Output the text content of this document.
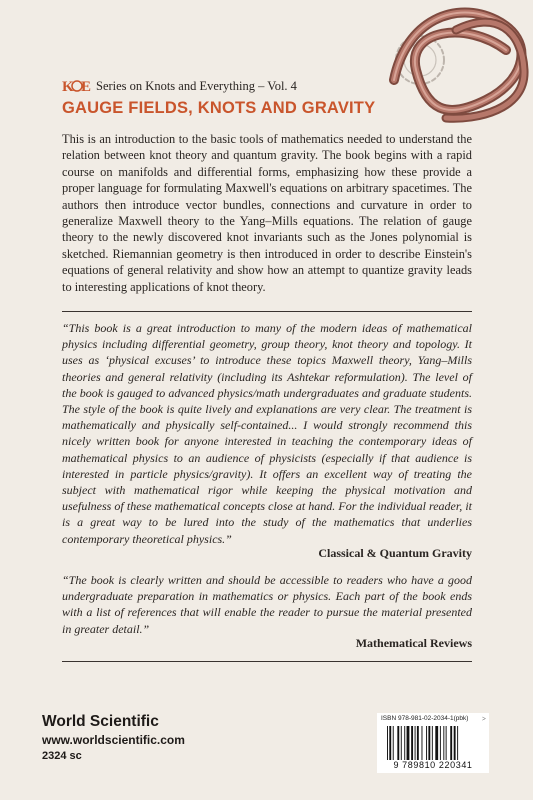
K E Series on Knots and Everything – Vol. 4
GAUGE FIELDS, KNOTS AND GRAVITY

This is an introduction to the basic tools of mathematics needed to understand the relation between knot theory and quantum gravity. The book begins with a rapid course on manifolds and differential forms, emphasizing how these provide a proper language for formulating Maxwell's equations on arbitrary spacetimes. The authors then introduce vector bundles, connections and curvature in order to generalize Maxwell theory to the Yang–Mills equations. The relation of gauge theory to the newly discovered knot invariants such as the Jones polynomial is sketched. Riemannian geometry is then introduced in order to describe Einstein's equations of general relativity and show how an attempt to quantize gravity leads to interesting applications of knot theory.

“This book is a great introduction to many of the modern ideas of mathematical physics including differential geometry, group theory, knot theory and topology. It uses as ‘physical excuses’ to introduce these topics Maxwell theory, Yang–Mills theories and general relativity (including its Ashtekar reformulation). The level of the book is gauged to advanced physics/math undergraduates and graduate students. The style of the book is quite lively and explanations are very clear. The treatment is mathematically and physically self-contained... I would strongly recommend this nicely written book for anyone interested in teaching the contemporary ideas of mathematical physics to an audience of physicists (especially if that audience is interested in particle physics/gravity). It offers an excellent way of treating the subject with mathematical rigor while keeping the physical motivation and usefulness of these mathematical concepts close at hand. For the individual reader, it is a great way to be lured into the study of the mathematics that underlies contemporary theoretical physics.”

Classical & Quantum Gravity

“The book is clearly written and should be accessible to readers who have a good undergraduate preparation in mathematics or physics. Each part of the book ends with a list of references that will enable the reader to pursue the material presented in greater detail.”

Mathematical Reviews

World Scientific

www.worldscientific.com

2324 sc

ISBN 978-981-02-2034-1(pbk) >

9 789810 220341
